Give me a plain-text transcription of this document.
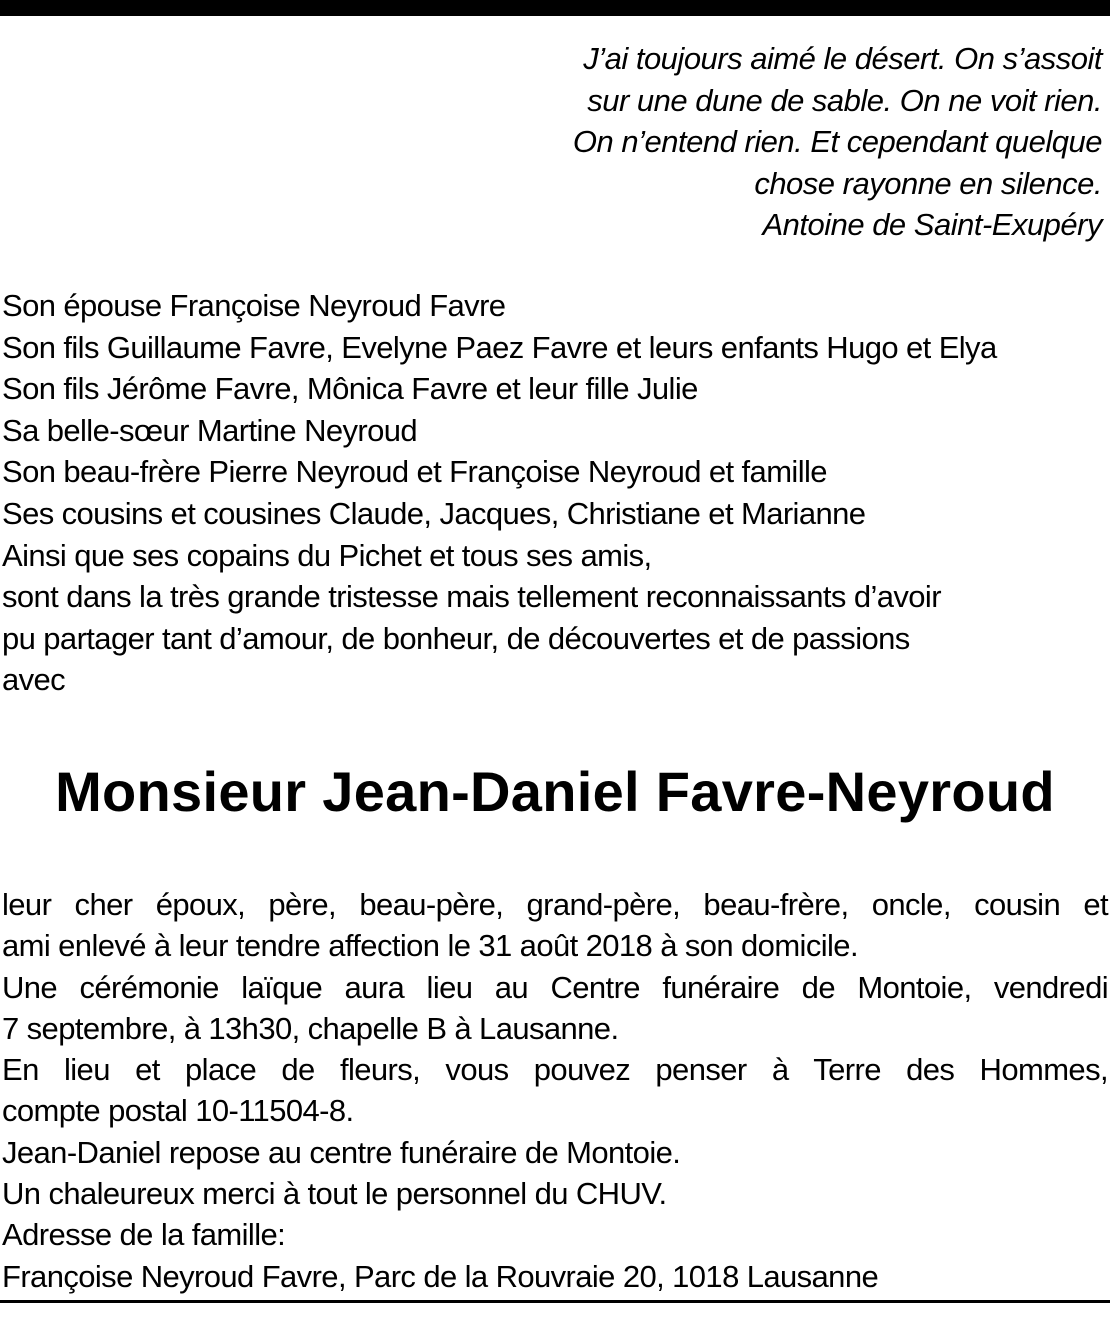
J’ai toujours aimé le désert. On s’assoit
sur une dune de sable. On ne voit rien.
On n’entend rien. Et cependant quelque
chose rayonne en silence.
Antoine de Saint-Exupéry
Son épouse Françoise Neyroud Favre
Son fils Guillaume Favre, Evelyne Paez Favre et leurs enfants Hugo et Elya
Son fils Jérôme Favre, Mônica Favre et leur fille Julie
Sa belle-sœur Martine Neyroud
Son beau-frère Pierre Neyroud et Françoise Neyroud et famille
Ses cousins et cousines Claude, Jacques, Christiane et Marianne
Ainsi que ses copains du Pichet et tous ses amis,
sont dans la très grande tristesse mais tellement reconnaissants d’avoir
pu partager tant d’amour, de bonheur, de découvertes et de passions
avec
Monsieur Jean-Daniel Favre-Neyroud
leur cher époux, père, beau-père, grand-père, beau-frère, oncle, cousin et
ami enlevé à leur tendre affection le 31 août 2018 à son domicile.
Une cérémonie laïque aura lieu au Centre funéraire de Montoie, vendredi
7 septembre, à 13h30, chapelle B à Lausanne.
En lieu et place de fleurs, vous pouvez penser à Terre des Hommes,
compte postal 10-11504-8.
Jean-Daniel repose au centre funéraire de Montoie.
Un chaleureux merci à tout le personnel du CHUV.
Adresse de la famille:
Françoise Neyroud Favre, Parc de la Rouvraie 20, 1018 Lausanne
